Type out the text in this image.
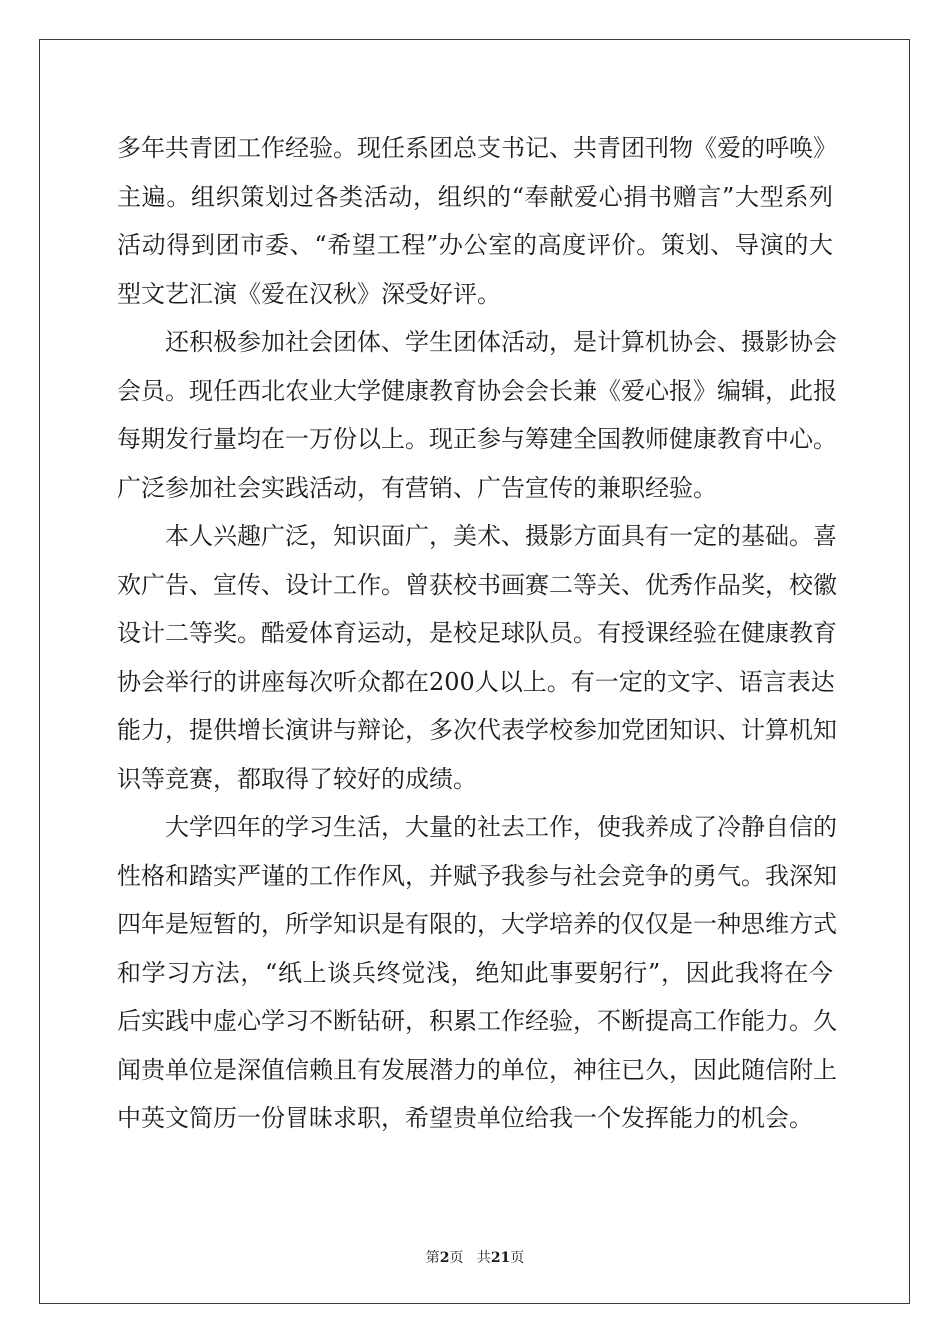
多年共青团工作经验。现任系团总支书记、共青团刊物《爱的呼唤》
主遍。组织策划过各类活动，组织的“奉献爱心捐书赠言”大型系列
活动得到团市委、“希望工程”办公室的高度评价。策划、导演的大
型文艺汇演《爱在汉秋》深受好评。
还积极参加社会团体、学生团体活动，是计算机协会、摄影协会
会员。现任西北农业大学健康教育协会会长兼《爱心报》编辑，此报
每期发行量均在一万份以上。现正参与筹建全国教师健康教育中心。
广泛参加社会实践活动，有营销、广告宣传的兼职经验。
本人兴趣广泛，知识面广，美术、摄影方面具有一定的基础。喜
欢广告、宣传、设计工作。曾获校书画赛二等关、优秀作品奖，校徽
设计二等奖。酷爱体育运动，是校足球队员。有授课经验在健康教育
协会举行的讲座每次听众都在200人以上。有一定的文字、语言表达
能力，提供增长演讲与辩论，多次代表学校参加党团知识、计算机知
识等竞赛，都取得了较好的成绩。
大学四年的学习生活，大量的社去工作，使我养成了冷静自信的
性格和踏实严谨的工作作风，并赋予我参与社会竞争的勇气。我深知
四年是短暂的，所学知识是有限的，大学培养的仅仅是一种思维方式
和学习方法，“纸上谈兵终觉浅，绝知此事要躬行”，因此我将在今
后实践中虚心学习不断钻研，积累工作经验，不断提高工作能力。久
闻贵单位是深值信赖且有发展潜力的单位，神往已久，因此随信附上
中英文简历一份冒昧求职，希望贵单位给我一个发挥能力的机会。
第2页 共21页
